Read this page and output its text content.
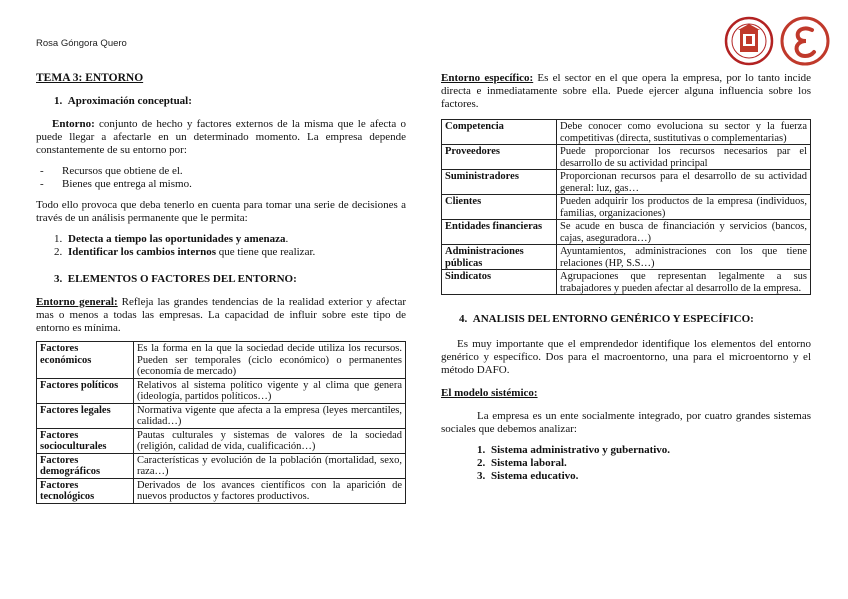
Rosa Góngora Quero

TEMA 3: ENTORNO

1. Aproximación conceptual:

Entorno: conjunto de hecho y factores externos de la misma que le afecta o puede llegar a afectarle en un determinado momento. La empresa depende constantemente de su entorno por:

- Recursos que obtiene de el.
- Bienes que entrega al mismo.

Todo ello provoca que deba tenerlo en cuenta para tomar una serie de decisiones a través de un análisis permanente que le permita:

1. Detecta a tiempo las oportunidades y amenaza.
2. Identificar los cambios internos que tiene que realizar.

3. ELEMENTOS O FACTORES DEL ENTORNO:

Entorno general: Refleja las grandes tendencias de la realidad exterior y afectar mas o menos a todas las empresas. La capacidad de influir sobre este tipo de entorno es mínima.

Factores económicos	Es la forma en la que la sociedad decide utiliza los recursos. Pueden ser temporales (ciclo económico) o permanentes (economía de mercado)
Factores políticos	Relativos al sistema político vigente y al clima que genera (ideología, partidos políticos…)
Factores legales	Normativa vigente que afecta a la empresa (leyes mercantiles, calidad…)
Factores socioculturales	Pautas culturales y sistemas de valores de la sociedad (religión, calidad de vida, cualificación…)
Factores demográficos	Características y evolución de la población (mortalidad, sexo, raza…)
Factores tecnológicos	Derivados de los avances científicos con la aparición de nuevos productos y factores productivos.

Entorno específico: Es el sector en el que opera la empresa, por lo tanto incide directa e inmediatamente sobre ella. Puede ejercer alguna influencia sobre los factores.

Competencia	Debe conocer como evoluciona su sector y la fuerza competitivas (directa, sustitutivas o complementarias)
Proveedores	Puede proporcionar los recursos necesarios par el desarrollo de su actividad principal
Suministradores	Proporcionan recursos para el desarrollo de su actividad general: luz, gas…
Clientes	Pueden adquirir los productos de la empresa (individuos, familias, organizaciones)
Entidades financieras	Se acude en busca de financiación y servicios (bancos, cajas, aseguradora…)
Administraciones públicas	Ayuntamientos, administraciones con los que tiene relaciones (HP, S.S…)
Sindicatos	Agrupaciones que representan legalmente a sus trabajadores y pueden afectar al desarrollo de la empresa.

4. ANALISIS DEL ENTORNO GENÉRICO Y ESPECÍFICO:

Es muy importante que el emprendedor identifique los elementos del entorno genérico y específico. Dos para el macroentorno, una para el microentorno y el método DAFO.

El modelo sistémico:

La empresa es un ente socialmente integrado, por cuatro grandes sistemas sociales que debemos analizar:

1. Sistema administrativo y gubernativo.
2. Sistema laboral.
3. Sistema educativo.
